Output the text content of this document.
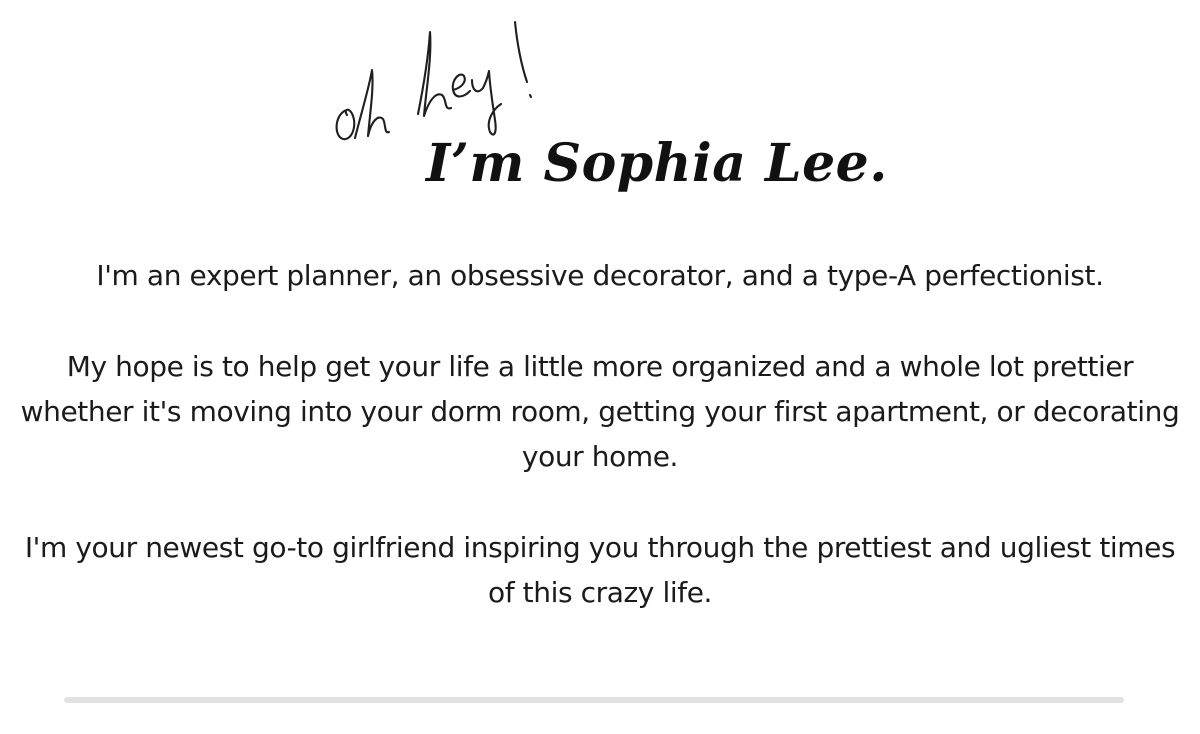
I’m Sophia Lee.

I'm an expert planner, an obsessive decorator, and a type-A perfectionist.

My hope is to help get your life a little more organized and a whole lot prettier
whether it's moving into your dorm room, getting your first apartment, or decorating
your home.

I'm your newest go-to girlfriend inspiring you through the prettiest and ugliest times
of this crazy life.
